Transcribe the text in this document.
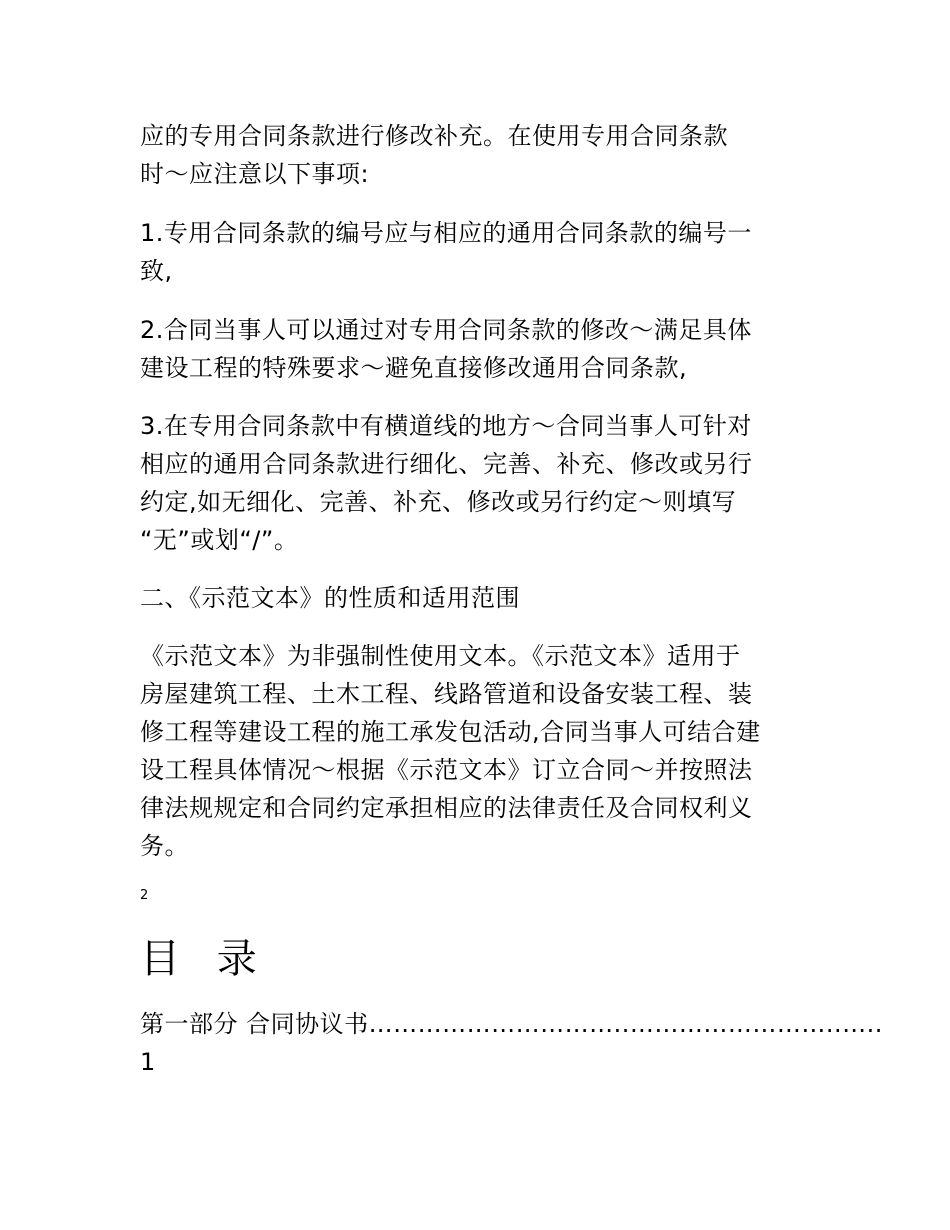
应的专用合同条款进行修改补充。在使用专用合同条款
时～应注意以下事项:
1.专用合同条款的编号应与相应的通用合同条款的编号一
致,
2.合同当事人可以通过对专用合同条款的修改～满足具体
建设工程的特殊要求～避免直接修改通用合同条款,
3.在专用合同条款中有横道线的地方～合同当事人可针对
相应的通用合同条款进行细化、完善、补充、修改或另行
约定,如无细化、完善、补充、修改或另行约定～则填写
“无”或划“/”。
二、《示范文本》的性质和适用范围
《示范文本》为非强制性使用文本。《示范文本》适用于
房屋建筑工程、土木工程、线路管道和设备安装工程、装
修工程等建设工程的施工承发包活动,合同当事人可结合建
设工程具体情况～根据《示范文本》订立合同～并按照法
律法规规定和合同约定承担相应的法律责任及合同权利义
务。
2
目 录
第一部分 合同协议书…………………………..……………………..…..
1
